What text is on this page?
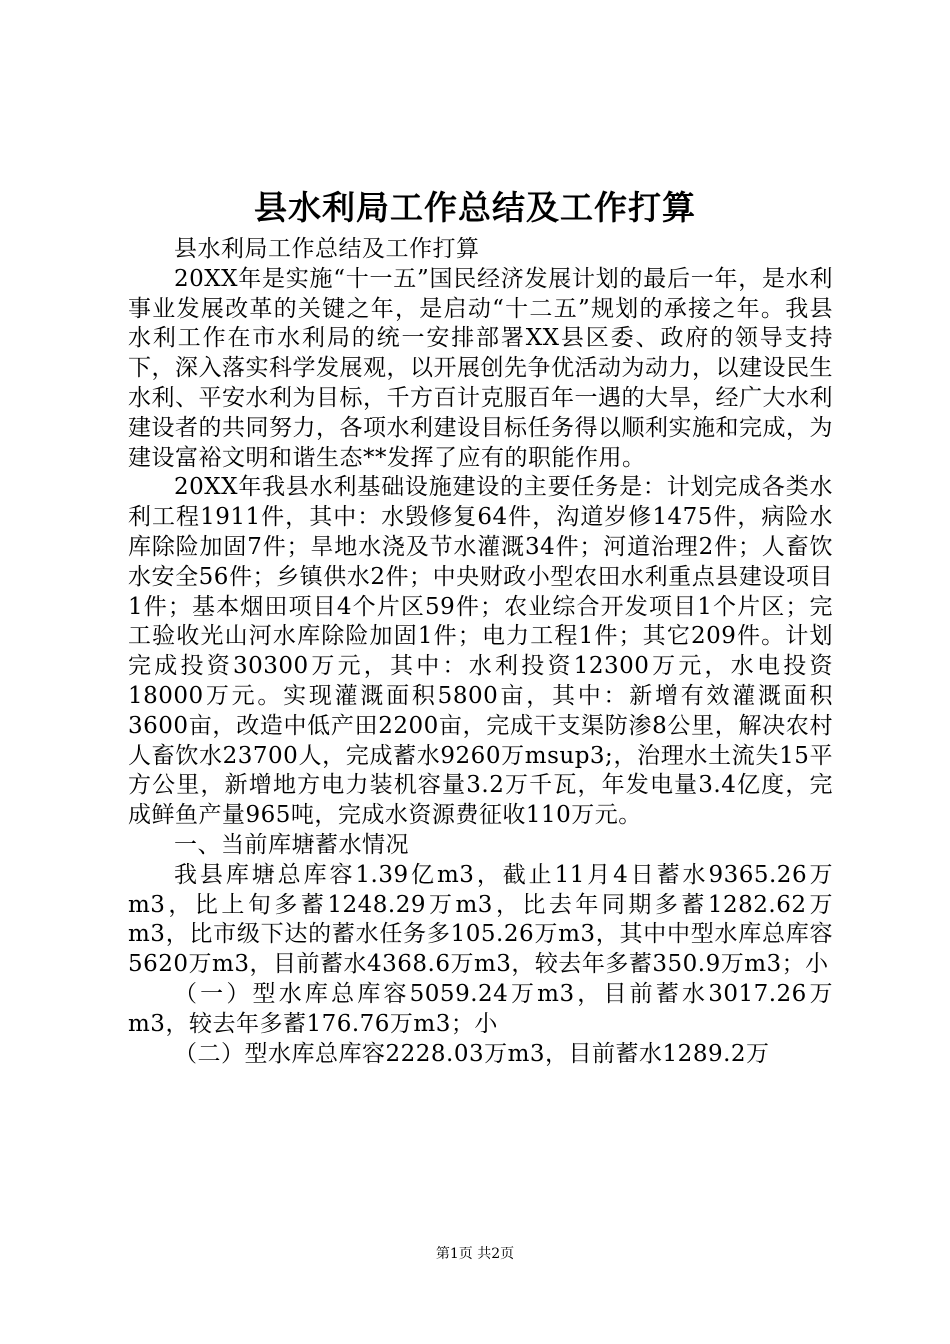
县水利局工作总结及工作打算

县水利局工作总结及工作打算

20XX年是实施“十一五”国民经济发展计划的最后一年，是水利事业发展改革的关键之年，是启动“十二五”规划的承接之年。我县水利工作在市水利局的统一安排部署XX县区委、政府的领导支持下，深入落实科学发展观，以开展创先争优活动为动力，以建设民生水利、平安水利为目标，千方百计克服百年一遇的大旱，经广大水利建设者的共同努力，各项水利建设目标任务得以顺利实施和完成，为建设富裕文明和谐生态**发挥了应有的职能作用。

20XX年我县水利基础设施建设的主要任务是：计划完成各类水利工程1911件，其中：水毁修复64件，沟道岁修1475件，病险水库除险加固7件；旱地水浇及节水灌溉34件；河道治理2件；人畜饮水安全56件；乡镇供水2件；中央财政小型农田水利重点县建设项目1件；基本烟田项目4个片区59件；农业综合开发项目1个片区；完工验收光山河水库除险加固1件；电力工程1件；其它209件。计划完成投资30300万元，其中：水利投资12300万元，水电投资18000万元。实现灌溉面积5800亩，其中：新增有效灌溉面积3600亩，改造中低产田2200亩，完成干支渠防渗8公里，解决农村人畜饮水23700人，完成蓄水9260万msup3;，治理水土流失15平方公里，新增地方电力装机容量3.2万千瓦，年发电量3.4亿度，完成鲜鱼产量965吨，完成水资源费征收110万元。

一、当前库塘蓄水情况

我县库塘总库容1.39亿m3，截止11月4日蓄水9365.26万m3，比上旬多蓄1248.29万m3，比去年同期多蓄1282.62万m3，比市级下达的蓄水任务多105.26万m3，其中中型水库总库容5620万m3，目前蓄水4368.6万m3，较去年多蓄350.9万m3；小

（一）型水库总库容5059.24万m3，目前蓄水3017.26万m3，较去年多蓄176.76万m3；小

（二）型水库总库容2228.03万m3，目前蓄水1289.2万

第1页 共2页
